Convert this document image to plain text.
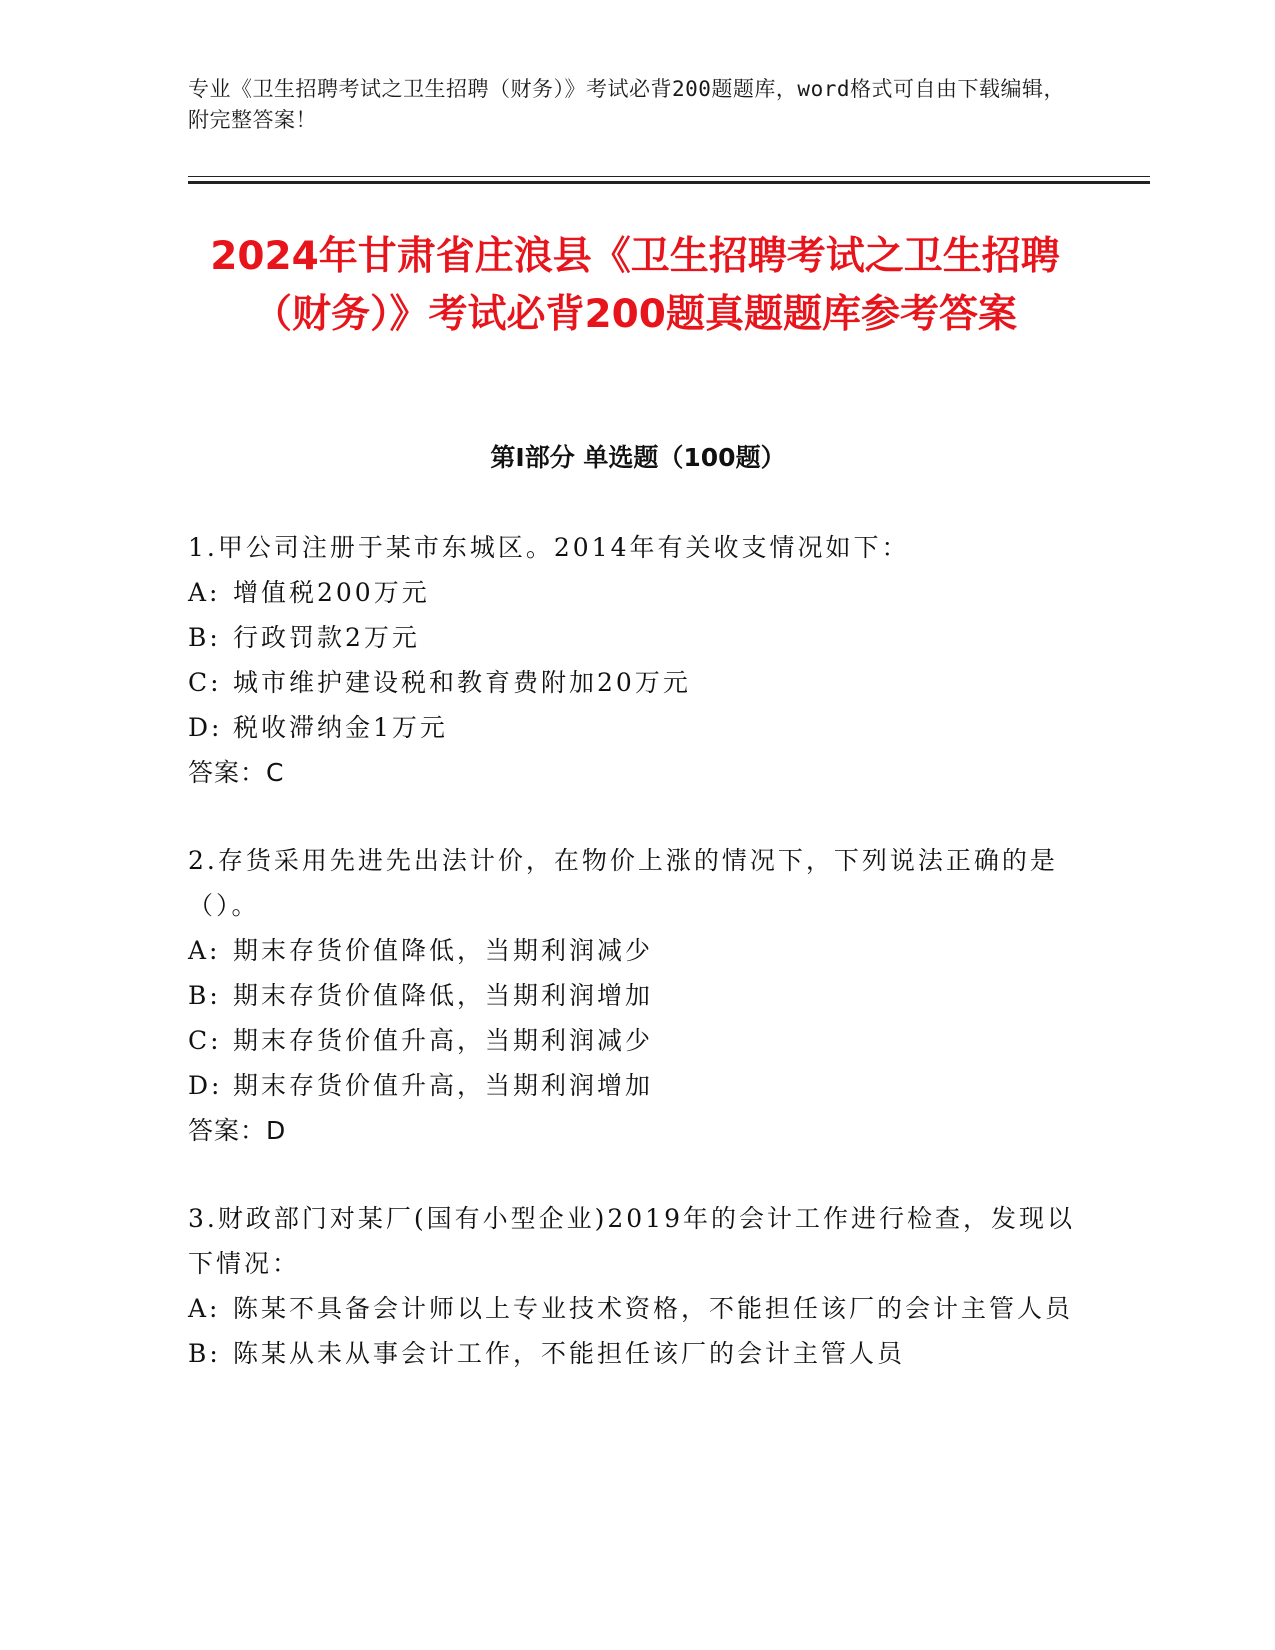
专业《卫生招聘考试之卫生招聘（财务）》考试必背200题题库，word格式可自由下载编辑，附完整答案！
2024年甘肃省庄浪县《卫生招聘考试之卫生招聘（财务）》考试必背200题真题题库参考答案
第Ⅰ部分 单选题（100题）
1.甲公司注册于某市东城区。2014年有关收支情况如下：
A: 增值税200万元
B: 行政罚款2万元
C: 城市维护建设税和教育费附加20万元
D: 税收滞纳金1万元
答案：C
2.存货采用先进先出法计价，在物价上涨的情况下，下列说法正确的是（）。
A: 期末存货价值降低，当期利润减少
B: 期末存货价值降低，当期利润增加
C: 期末存货价值升高，当期利润减少
D: 期末存货价值升高，当期利润增加
答案：D
3.财政部门对某厂(国有小型企业)2019年的会计工作进行检查，发现以下情况：
A: 陈某不具备会计师以上专业技术资格，不能担任该厂的会计主管人员
B: 陈某从未从事会计工作，不能担任该厂的会计主管人员
